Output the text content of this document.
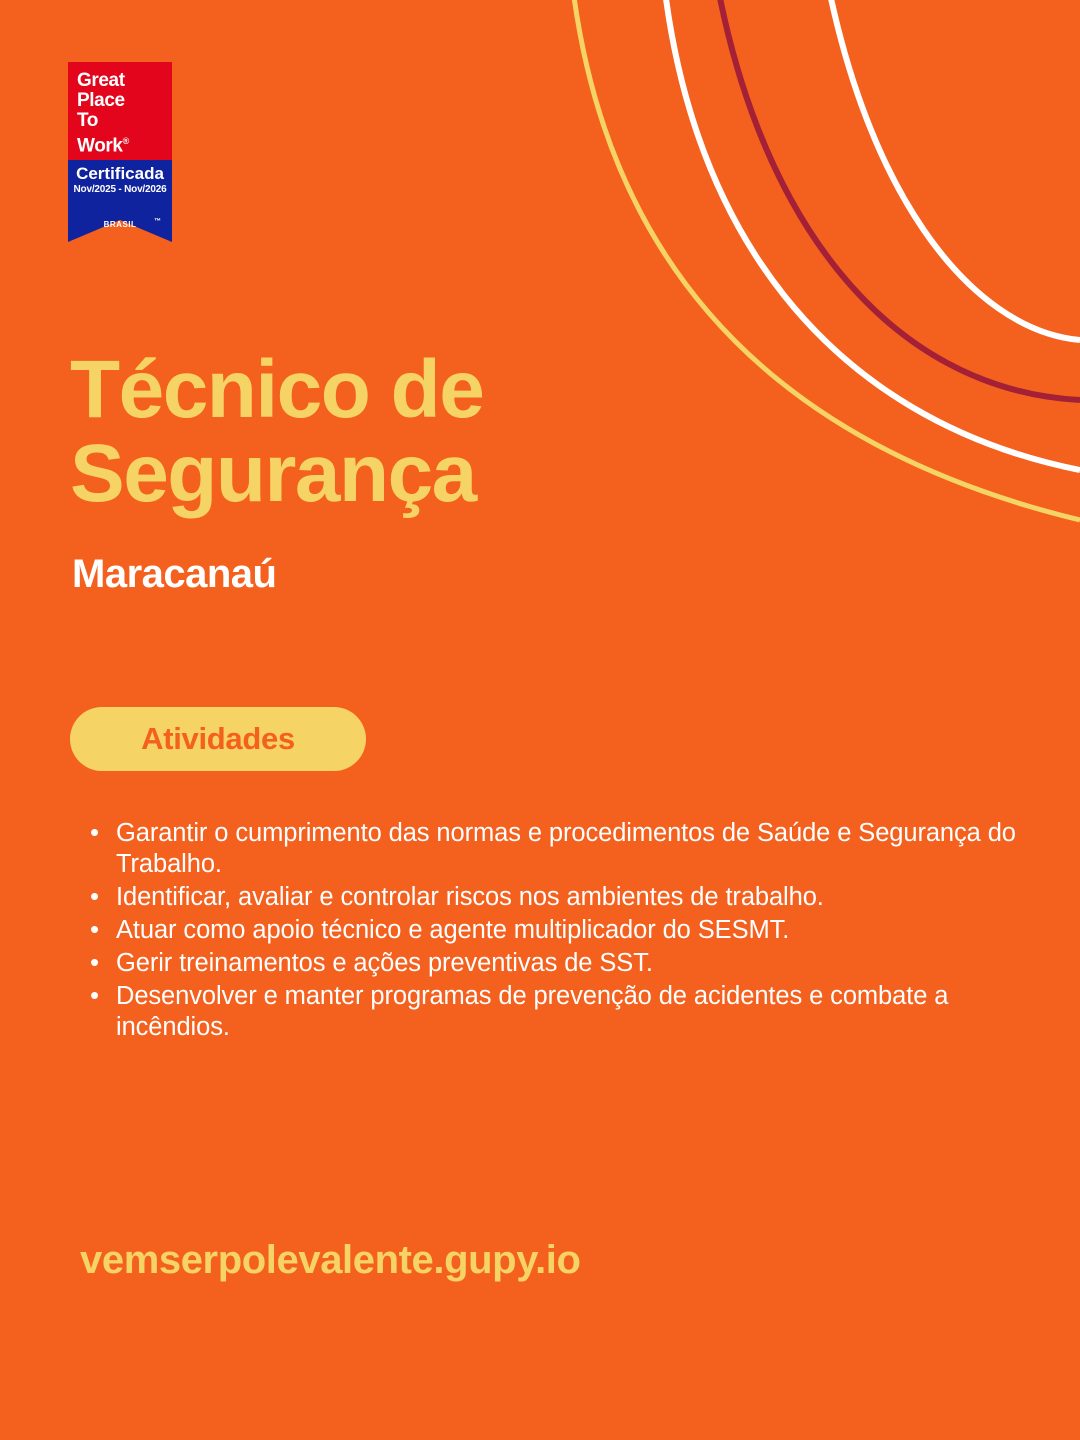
Great
Place
To
Work®
Certificada
Nov/2025 - Nov/2026
BRASIL	™
Técnico de Segurança
Maracanaú
Atividades
• Garantir o cumprimento das normas e procedimentos de Saúde e Segurança do Trabalho.
• Identificar, avaliar e controlar riscos nos ambientes de trabalho.
• Atuar como apoio técnico e agente multiplicador do SESMT.
• Gerir treinamentos e ações preventivas de SST.
• Desenvolver e manter programas de prevenção de acidentes e combate a incêndios.
vemserpolevalente.gupy.io
